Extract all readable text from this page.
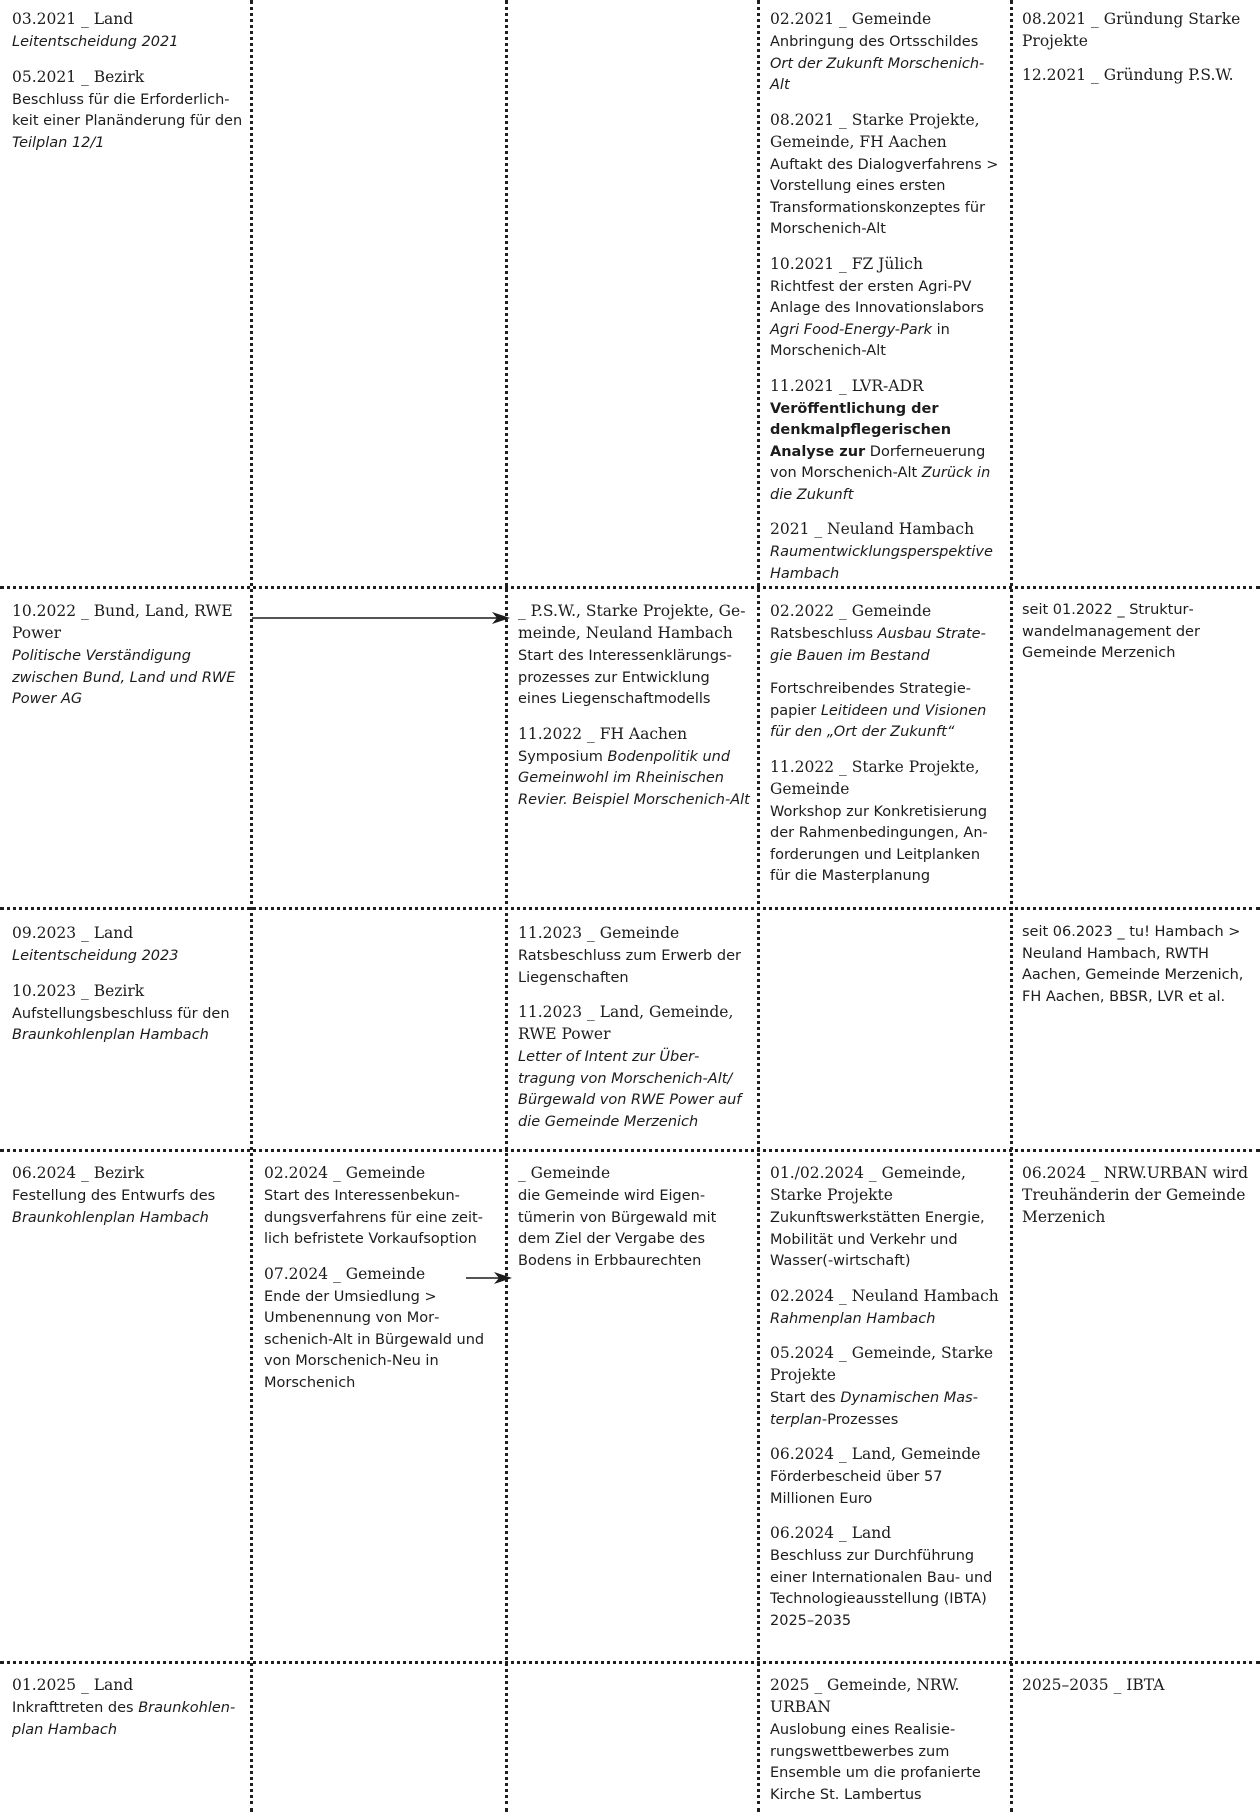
03.2021 _ Land
Leitentscheidung 2021
05.2021 _ Bezirk
Beschluss für die Erforderlichkeit einer Planänderung für den Teilplan 12/1
02.2021 _ Gemeinde
Anbringung des Ortsschildes Ort der Zukunft Morschenich-Alt
08.2021 _ Starke Projekte, Gemeinde, FH Aachen
Auftakt des Dialogverfahrens > Vorstellung eines ersten Transformationskonzeptes für Morschenich-Alt
10.2021 _ FZ Jülich
Richtfest der ersten Agri-PV Anlage des Innovationslabors Agri Food-Energy-Park in Morschenich-Alt
11.2021 _ LVR-ADR
Veröffentlichung der denkmalpflegerischen Analyse zur Dorferneuerung von Morschenich-Alt Zurück in die Zukunft
2021 _ Neuland Hambach
Raumentwicklungsperspektive Hambach
08.2021 _ Gründung Starke Projekte
12.2021 _ Gründung P.S.W.
10.2022 _ Bund, Land, RWE Power
Politische Verständigung zwischen Bund, Land und RWE Power AG
_ P.S.W., Starke Projekte, Gemeinde, Neuland Hambach
Start des Interessenklärungsprozesses zur Entwicklung eines Liegenschaftmodells
11.2022 _ FH Aachen
Symposium Bodenpolitik und Gemeinwohl im Rheinischen Revier. Beispiel Morschenich-Alt
02.2022 _ Gemeinde
Ratsbeschluss Ausbau Strategie Bauen im Bestand
Fortschreibendes Strategiepapier Leitideen und Visionen für den „Ort der Zukunft“
11.2022 _ Starke Projekte, Gemeinde
Workshop zur Konkretisierung der Rahmenbedingungen, Anforderungen und Leitplanken für die Masterplanung
seit 01.2022 _ Strukturwandelmanagement der Gemeinde Merzenich
09.2023 _ Land
Leitentscheidung 2023
10.2023 _ Bezirk
Aufstellungsbeschluss für den Braunkohlenplan Hambach
11.2023 _ Gemeinde
Ratsbeschluss zum Erwerb der Liegenschaften
11.2023 _ Land, Gemeinde, RWE Power
Letter of Intent zur Übertragung von Morschenich-Alt/ Bürgewald von RWE Power auf die Gemeinde Merzenich
seit 06.2023 _ tu! Hambach > Neuland Hambach, RWTH Aachen, Gemeinde Merzenich, FH Aachen, BBSR, LVR et al.
06.2024 _ Bezirk
Festellung des Entwurfs des Braunkohlenplan Hambach
02.2024 _ Gemeinde
Start des Interessenbekundungsverfahrens für eine zeitlich befristete Vorkaufsoption
07.2024 _ Gemeinde
Ende der Umsiedlung > Umbenennung von Morschenich-Alt in Bürgewald und von Morschenich-Neu in Morschenich
_ Gemeinde
die Gemeinde wird Eigentümerin von Bürgewald mit dem Ziel der Vergabe des Bodens in Erbbaurechten
01./02.2024 _ Gemeinde, Starke Projekte
Zukunftswerkstätten Energie, Mobilität und Verkehr und Wasser(-wirtschaft)
02.2024 _ Neuland Hambach
Rahmenplan Hambach
05.2024 _ Gemeinde, Starke Projekte
Start des Dynamischen Masterplan-Prozesses
06.2024 _ Land, Gemeinde
Förderbescheid über 57 Millionen Euro
06.2024 _ Land
Beschluss zur Durchführung einer Internationalen Bau- und Technologieausstellung (IBTA) 2025–2035
06.2024 _ NRW.URBAN wird Treuhänderin der Gemeinde Merzenich
01.2025 _ Land
Inkrafttreten des Braunkohlenplan Hambach
2025 _ Gemeinde, NRW. URBAN
Auslobung eines Realisierungswettbewerbes zum Ensemble um die profanierte Kirche St. Lambertus
2025–2035 _ IBTA
